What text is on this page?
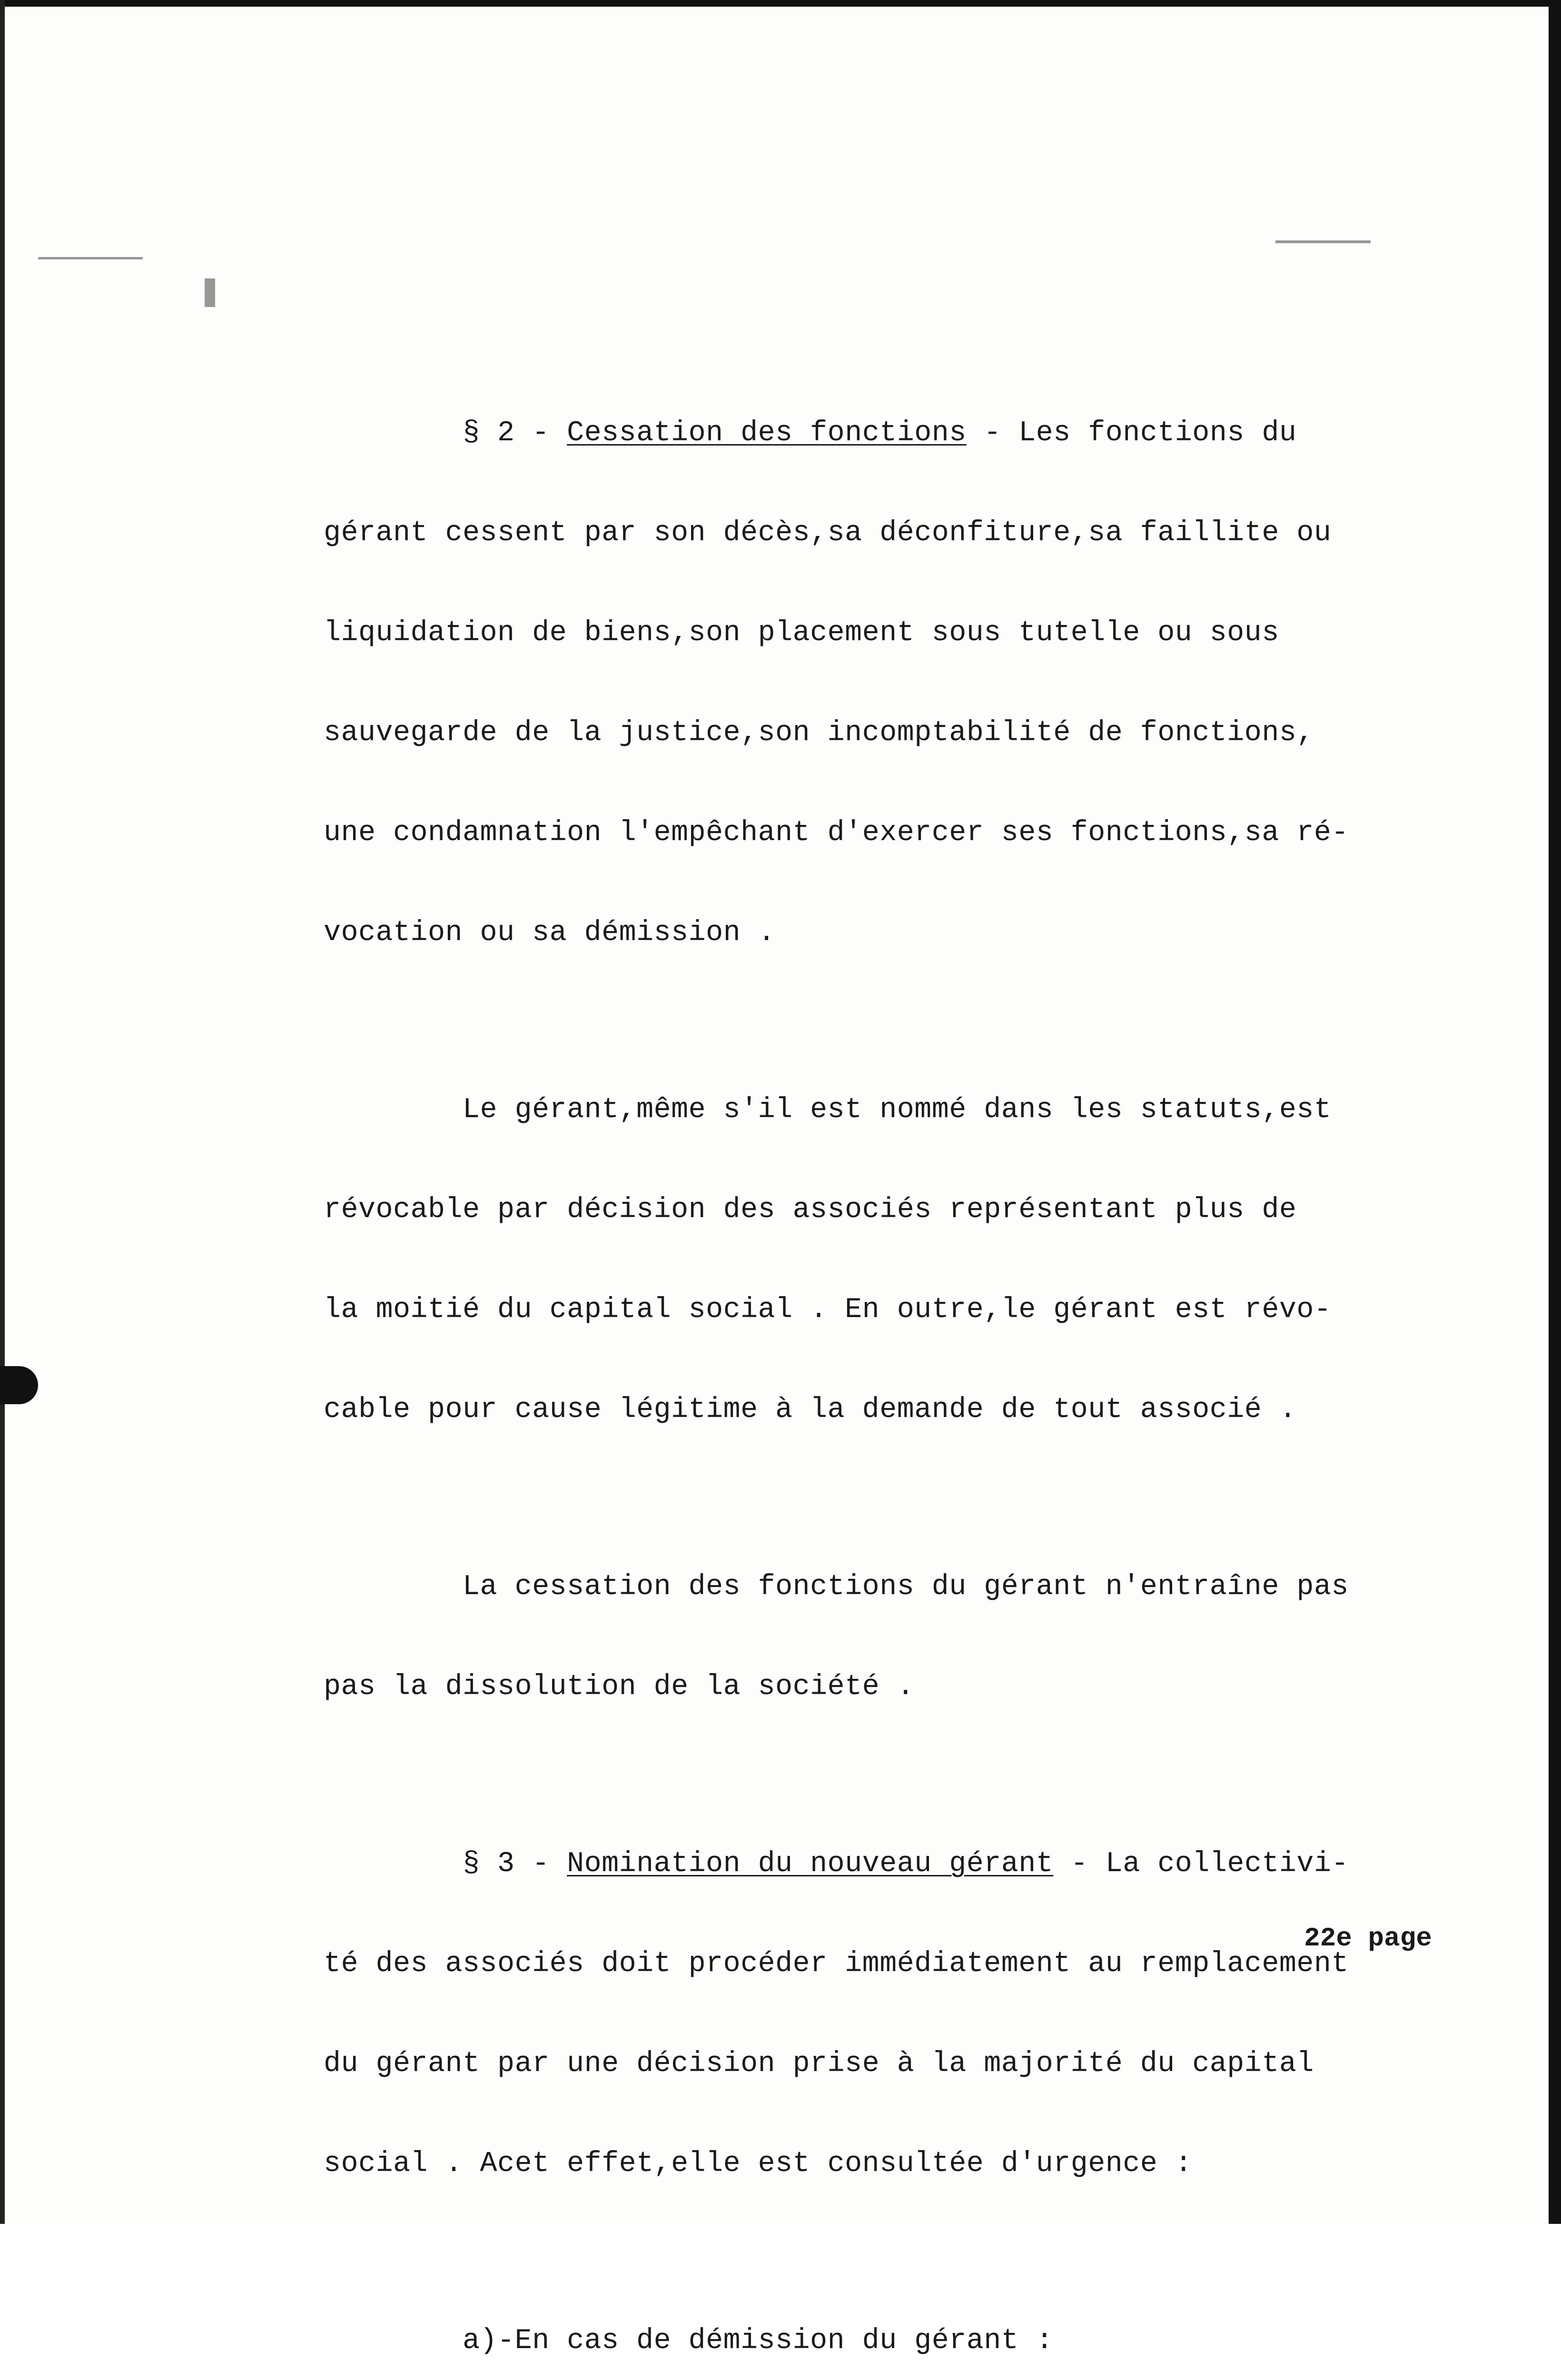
§ 2 - Cessation des fonctions - Les fonctions du

gérant cessent par son décès,sa déconfiture,sa faillite ou

liquidation de biens,son placement sous tutelle ou sous

sauvegarde de la justice,son incomptabilité de fonctions,

une condamnation l'empêchant d'exercer ses fonctions,sa ré-

vocation ou sa démission .

Le gérant,même s'il est nommé dans les statuts,est

révocable par décision des associés représentant plus de

la moitié du capital social . En outre,le gérant est révo-

cable pour cause légitime à la demande de tout associé .

La cessation des fonctions du gérant n'entraîne pas

pas la dissolution de la société .

§ 3 - Nomination du nouveau gérant - La collectivi-

té des associés doit procéder immédiatement au remplacement

du gérant par une décision prise à la majorité du capital

social . Acet effet,elle est consultée d'urgence :

a)-En cas de démission du gérant :

22e page
